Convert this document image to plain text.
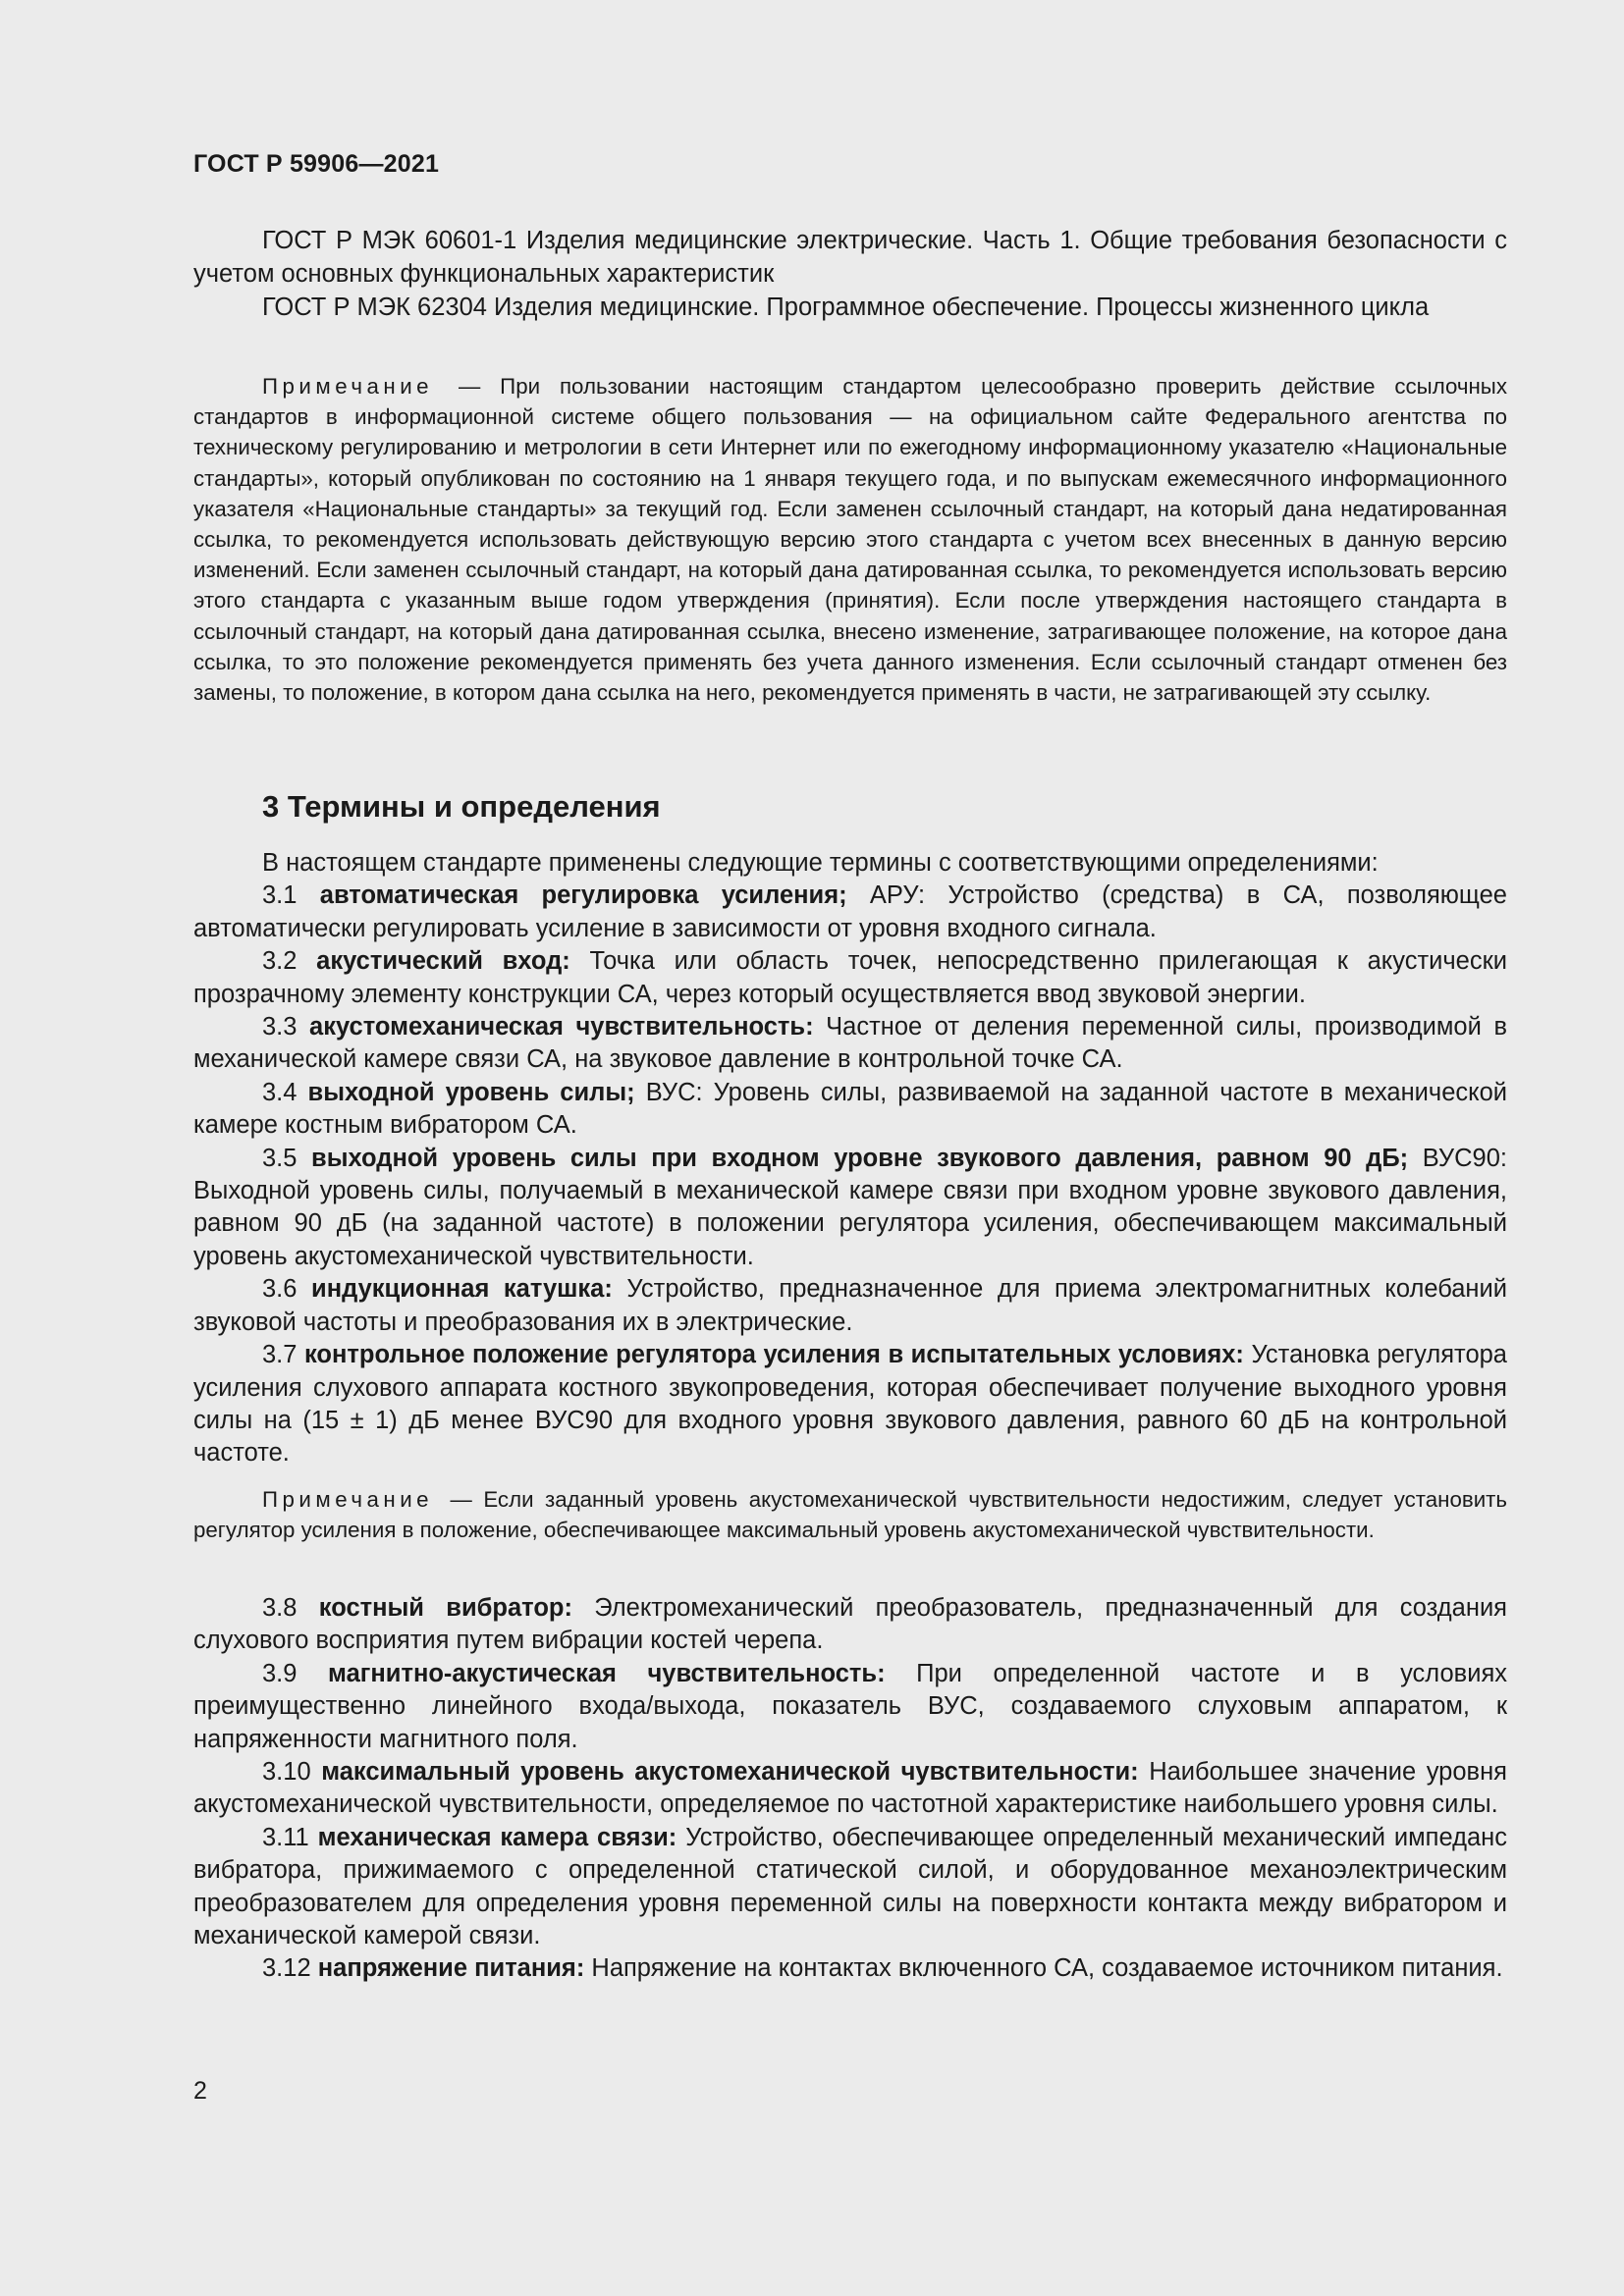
ГОСТ Р 59906—2021

ГОСТ Р МЭК 60601-1 Изделия медицинские электрические. Часть 1. Общие требования безопасности с учетом основных функциональных характеристик

ГОСТ Р МЭК 62304 Изделия медицинские. Программное обеспечение. Процессы жизненного цикла

Примечание — При пользовании настоящим стандартом целесообразно проверить действие ссылочных стандартов в информационной системе общего пользования — на официальном сайте Федерального агентства по техническому регулированию и метрологии в сети Интернет или по ежегодному информационному указателю «Национальные стандарты», который опубликован по состоянию на 1 января текущего года, и по выпускам ежемесячного информационного указателя «Национальные стандарты» за текущий год. Если заменен ссылочный стандарт, на который дана недатированная ссылка, то рекомендуется использовать действующую версию этого стандарта с учетом всех внесенных в данную версию изменений. Если заменен ссылочный стандарт, на который дана датированная ссылка, то рекомендуется использовать версию этого стандарта с указанным выше годом утверждения (принятия). Если после утверждения настоящего стандарта в ссылочный стандарт, на который дана датированная ссылка, внесено изменение, затрагивающее положение, на которое дана ссылка, то это положение рекомендуется применять без учета данного изменения. Если ссылочный стандарт отменен без замены, то положение, в котором дана ссылка на него, рекомендуется применять в части, не затрагивающей эту ссылку.

3 Термины и определения

В настоящем стандарте применены следующие термины с соответствующими определениями:

3.1 автоматическая регулировка усиления; АРУ: Устройство (средства) в СА, позволяющее автоматически регулировать усиление в зависимости от уровня входного сигнала.

3.2 акустический вход: Точка или область точек, непосредственно прилегающая к акустически прозрачному элементу конструкции СА, через который осуществляется ввод звуковой энергии.

3.3 акустомеханическая чувствительность: Частное от деления переменной силы, производимой в механической камере связи СА, на звуковое давление в контрольной точке СА.

3.4 выходной уровень силы; ВУС: Уровень силы, развиваемой на заданной частоте в механической камере костным вибратором СА.

3.5 выходной уровень силы при входном уровне звукового давления, равном 90 дБ; ВУС90: Выходной уровень силы, получаемый в механической камере связи при входном уровне звукового давления, равном 90 дБ (на заданной частоте) в положении регулятора усиления, обеспечивающем максимальный уровень акустомеханической чувствительности.

3.6 индукционная катушка: Устройство, предназначенное для приема электромагнитных колебаний звуковой частоты и преобразования их в электрические.

3.7 контрольное положение регулятора усиления в испытательных условиях: Установка регулятора усиления слухового аппарата костного звукопроведения, которая обеспечивает получение выходного уровня силы на (15 ± 1) дБ менее ВУС90 для входного уровня звукового давления, равного 60 дБ на контрольной частоте.

Примечание — Если заданный уровень акустомеханической чувствительности недостижим, следует установить регулятор усиления в положение, обеспечивающее максимальный уровень акустомеханической чувствительности.

3.8 костный вибратор: Электромеханический преобразователь, предназначенный для создания слухового восприятия путем вибрации костей черепа.

3.9 магнитно-акустическая чувствительность: При определенной частоте и в условиях преимущественно линейного входа/выхода, показатель ВУС, создаваемого слуховым аппаратом, к напряженности магнитного поля.

3.10 максимальный уровень акустомеханической чувствительности: Наибольшее значение уровня акустомеханической чувствительности, определяемое по частотной характеристике наибольшего уровня силы.

3.11 механическая камера связи: Устройство, обеспечивающее определенный механический импеданс вибратора, прижимаемого с определенной статической силой, и оборудованное механоэлектрическим преобразователем для определения уровня переменной силы на поверхности контакта между вибратором и механической камерой связи.

3.12 напряжение питания: Напряжение на контактах включенного СА, создаваемое источником питания.

2
